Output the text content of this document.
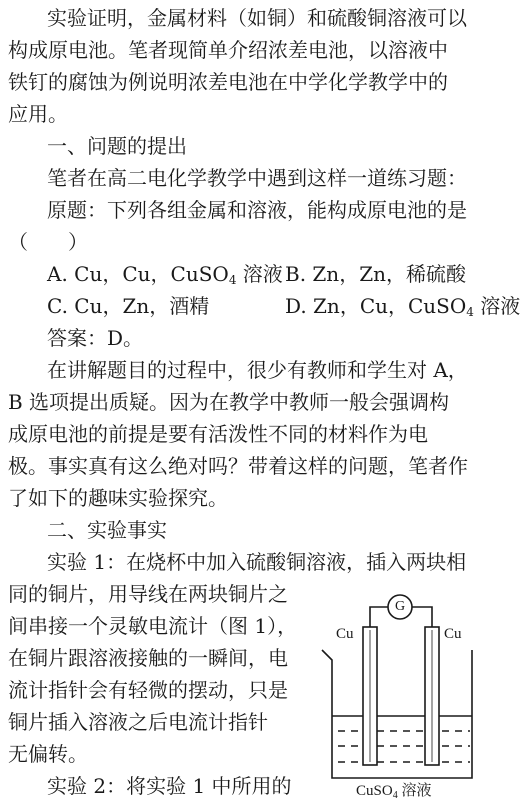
实验证明，金属材料（如铜）和硫酸铜溶液可以
构成原电池。笔者现简单介绍浓差电池，以溶液中
铁钉的腐蚀为例说明浓差电池在中学化学教学中的
应用。
一、问题的提出
笔者在高二电化学教学中遇到这样一道练习题：
原题：下列各组金属和溶液，能构成原电池的是
（　　）
A. Cu，Cu，CuSO$_4$ 溶液 B. Zn，Zn，稀硫酸
C. Cu，Zn，酒精	D. Zn，Cu，CuSO$_4$ 溶液
答案：D。
在讲解题目的过程中，很少有教师和学生对 A，
B 选项提出质疑。因为在教学中教师一般会强调构
成原电池的前提是要有活泼性不同的材料作为电
极。事实真有这么绝对吗？带着这样的问题，笔者作
了如下的趣味实验探究。
二、实验事实
实验 1：在烧杯中加入硫酸铜溶液，插入两块相
同的铜片，用导线在两块铜片之
间串接一个灵敏电流计（图 1），
在铜片跟溶液接触的一瞬间，电
流计指针会有轻微的摆动，只是
铜片插入溶液之后电流计指针
无偏转。
实验 2：将实验 1 中所用的
G
Cu	Cu
CuSO$_4$ 溶液
